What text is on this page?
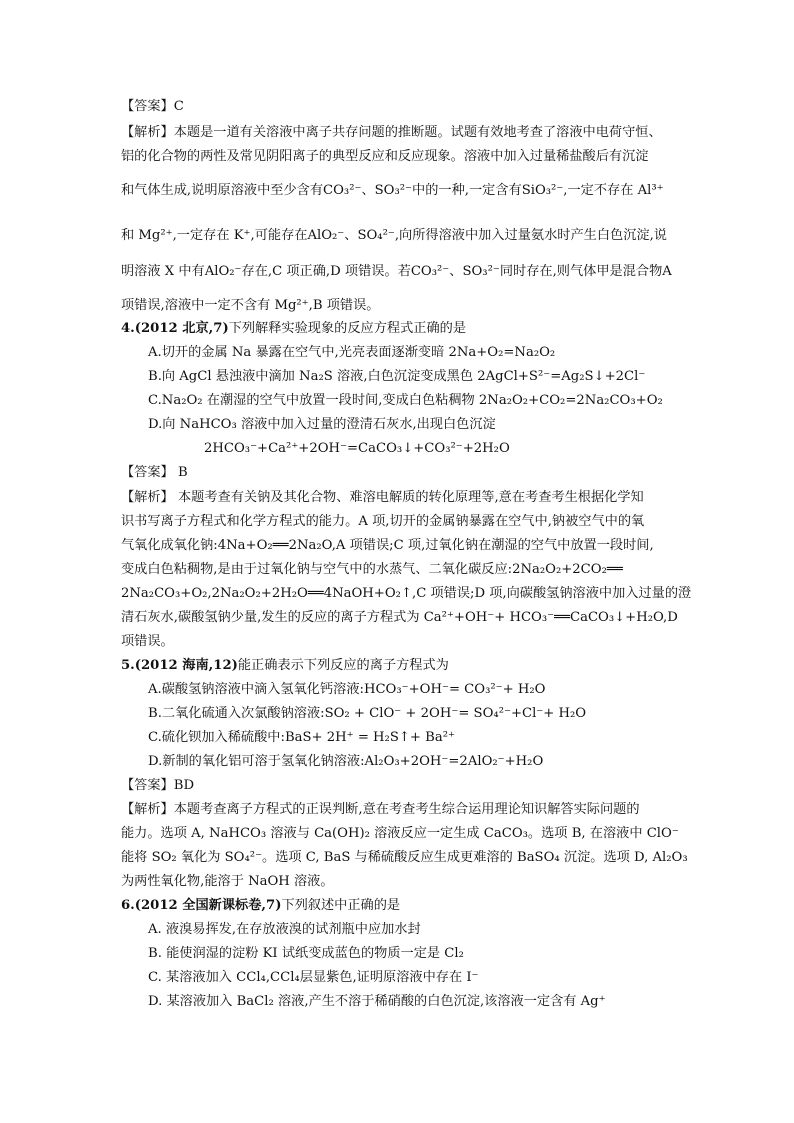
【答案】C
【解析】本题是一道有关溶液中离子共存问题的推断题。试题有效地考查了溶液中电荷守恒、
铝的化合物的两性及常见阴阳离子的典型反应和反应现象。溶液中加入过量稀盐酸后有沉淀
和气体生成,说明原溶液中至少含有CO₃²⁻、SO₃²⁻中的一种,一定含有SiO₃²⁻,一定不存在 Al³⁺
和 Mg²⁺,一定存在 K⁺,可能存在AlO₂⁻、SO₄²⁻,向所得溶液中加入过量氨水时产生白色沉淀,说
明溶液 X 中有AlO₂⁻存在,C 项正确,D 项错误。若CO₃²⁻、SO₃²⁻同时存在,则气体甲是混合物A
项错误,溶液中一定不含有 Mg²⁺,B 项错误。
4.(2012 北京,7)下列解释实验现象的反应方程式正确的是
A.切开的金属 Na 暴露在空气中,光亮表面逐渐变暗 2Na+O₂=Na₂O₂
B.向 AgCl 悬浊液中滴加 Na₂S 溶液,白色沉淀变成黑色 2AgCl+S²⁻=Ag₂S↓+2Cl⁻
C.Na₂O₂ 在潮湿的空气中放置一段时间,变成白色粘稠物 2Na₂O₂+CO₂=2Na₂CO₃+O₂
D.向 NaHCO₃ 溶液中加入过量的澄清石灰水,出现白色沉淀
2HCO₃⁻+Ca²⁺+2OH⁻=CaCO₃↓+CO₃²⁻+2H₂O
【答案】 B
【解析】 本题考查有关钠及其化合物、难溶电解质的转化原理等,意在考查考生根据化学知
识书写离子方程式和化学方程式的能力。A 项,切开的金属钠暴露在空气中,钠被空气中的氧
气氧化成氧化钠:4Na+O₂══2Na₂O,A 项错误;C 项,过氧化钠在潮湿的空气中放置一段时间,
变成白色粘稠物,是由于过氧化钠与空气中的水蒸气、二氧化碳反应:2Na₂O₂+2CO₂══
2Na₂CO₃+O₂,2Na₂O₂+2H₂O══4NaOH+O₂↑,C 项错误;D 项,向碳酸氢钠溶液中加入过量的澄
清石灰水,碳酸氢钠少量,发生的反应的离子方程式为 Ca²⁺+OH⁻+ HCO₃⁻══CaCO₃↓+H₂O,D
项错误。
5.(2012 海南,12)能正确表示下列反应的离子方程式为
A.碳酸氢钠溶液中滴入氢氧化钙溶液:HCO₃⁻+OH⁻= CO₃²⁻+ H₂O
B.二氧化硫通入次氯酸钠溶液:SO₂ + ClO⁻ + 2OH⁻= SO₄²⁻+Cl⁻+ H₂O
C.硫化钡加入稀硫酸中:BaS+ 2H⁺ = H₂S↑+ Ba²⁺
D.新制的氧化铝可溶于氢氧化钠溶液:Al₂O₃+2OH⁻=2AlO₂⁻+H₂O
【答案】BD
【解析】本题考查离子方程式的正误判断,意在考查考生综合运用理论知识解答实际问题的
能力。选项 A, NaHCO₃ 溶液与 Ca(OH)₂ 溶液反应一定生成 CaCO₃。选项 B, 在溶液中 ClO⁻
能将 SO₂ 氧化为 SO₄²⁻。选项 C, BaS 与稀硫酸反应生成更难溶的 BaSO₄ 沉淀。选项 D, Al₂O₃
为两性氧化物,能溶于 NaOH 溶液。
6.(2012 全国新课标卷,7)下列叙述中正确的是
A. 液溴易挥发,在存放液溴的试剂瓶中应加水封
B. 能使润湿的淀粉 KI 试纸变成蓝色的物质一定是 Cl₂
C. 某溶液加入 CCl₄,CCl₄层显紫色,证明原溶液中存在 I⁻
D. 某溶液加入 BaCl₂ 溶液,产生不溶于稀硝酸的白色沉淀,该溶液一定含有 Ag⁺
